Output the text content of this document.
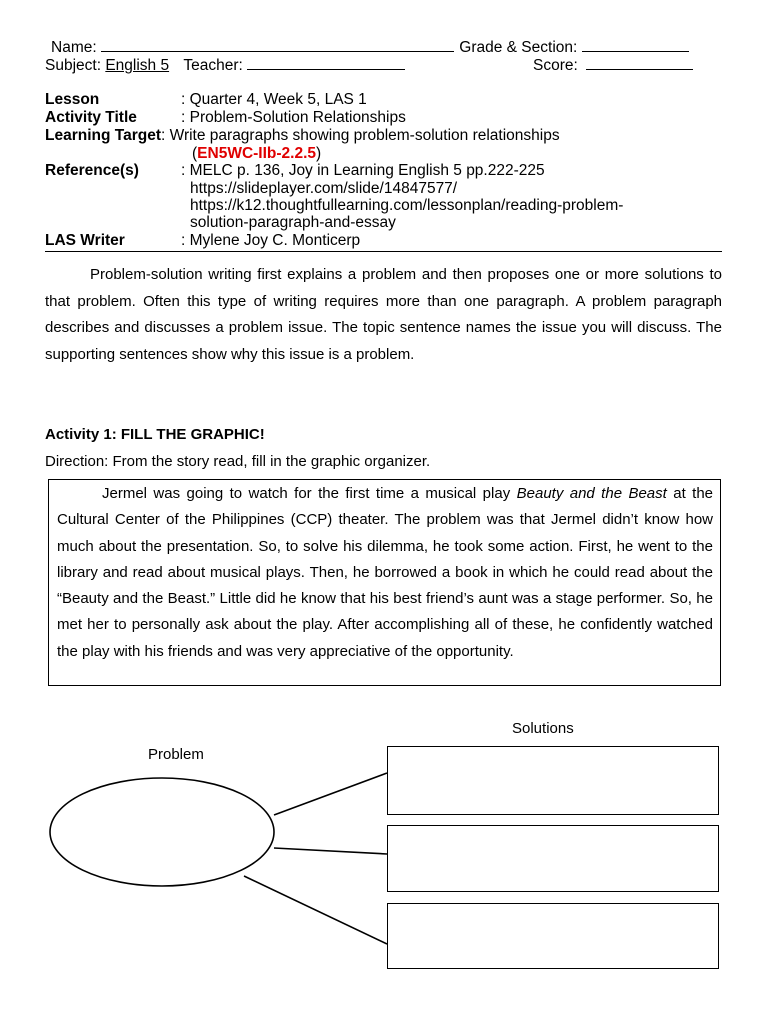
Name:	Grade & Section:
Subject: English 5 Teacher:	Score:
Lesson	: Quarter 4, Week 5, LAS 1
Activity Title	: Problem-Solution Relationships
Learning Target: Write paragraphs showing problem-solution relationships
(EN5WC-IIb-2.2.5)
Reference(s)	: MELC p. 136, Joy in Learning English 5 pp.222-225
https://slideplayer.com/slide/14847577/
https://k12.thoughtfullearning.com/lessonplan/reading-problem-
solution-paragraph-and-essay
LAS Writer	: Mylene Joy C. Monticerp
Problem-solution writing first explains a problem and then proposes one or more solutions to that problem. Often this type of writing requires more than one paragraph. A problem paragraph describes and discusses a problem issue. The topic sentence names the issue you will discuss. The supporting sentences show why this issue is a problem.
Activity 1: FILL THE GRAPHIC!
Direction: From the story read, fill in the graphic organizer.
Jermel was going to watch for the first time a musical play Beauty and the Beast at the Cultural Center of the Philippines (CCP) theater. The problem was that Jermel didn’t know how much about the presentation. So, to solve his dilemma, he took some action. First, he went to the library and read about musical plays. Then, he borrowed a book in which he could read about the “Beauty and the Beast.” Little did he know that his best friend’s aunt was a stage performer. So, he met her to personally ask about the play. After accomplishing all of these, he confidently watched the play with his friends and was very appreciative of the opportunity.
Solutions
Problem
